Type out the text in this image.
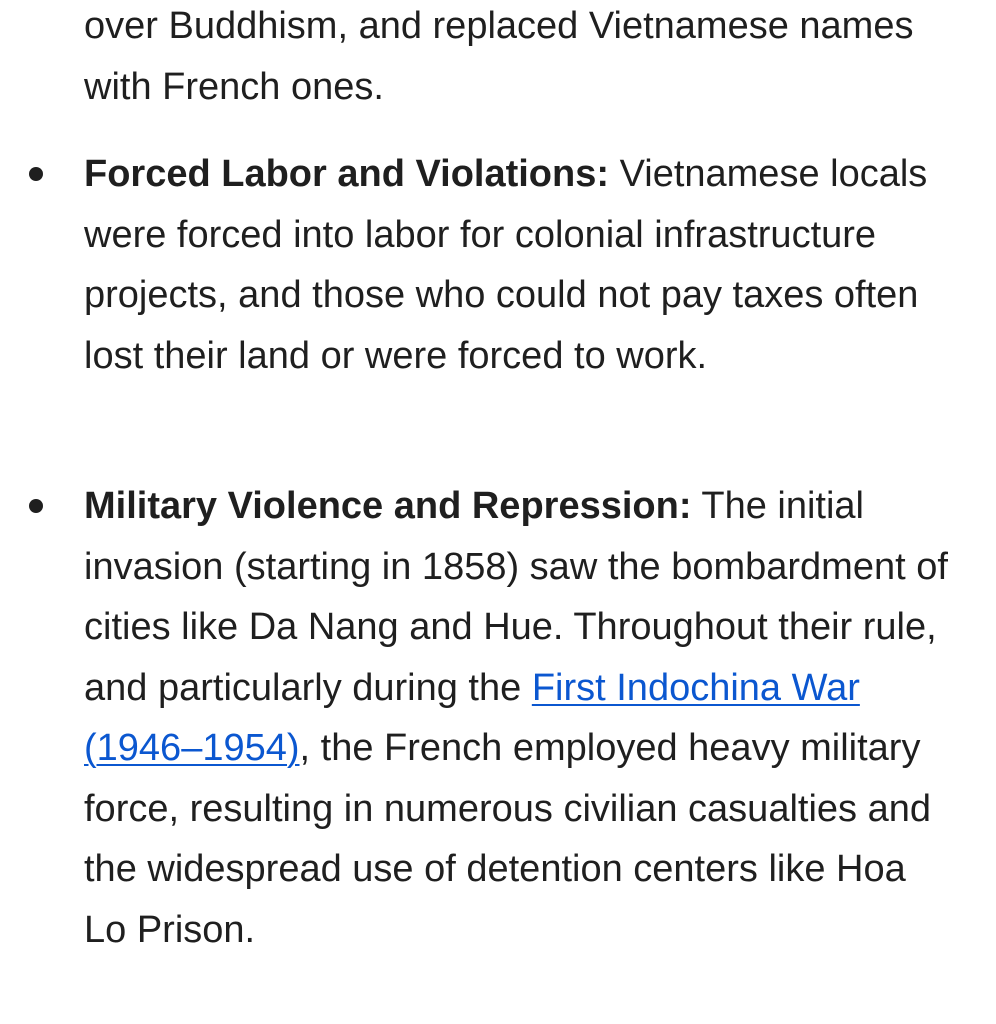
over Buddhism, and replaced Vietnamese names with French ones.

Forced Labor and Violations: Vietnamese locals were forced into labor for colonial infrastructure projects, and those who could not pay taxes often lost their land or were forced to work.
Military Violence and Repression: The initial invasion (starting in 1858) saw the bombardment of cities like Da Nang and Hue. Throughout their rule, and particularly during the First Indochina War (1946–1954), the French employed heavy military force, resulting in numerous civilian casualties and the widespread use of detention centers like Hoa Lo Prison.
